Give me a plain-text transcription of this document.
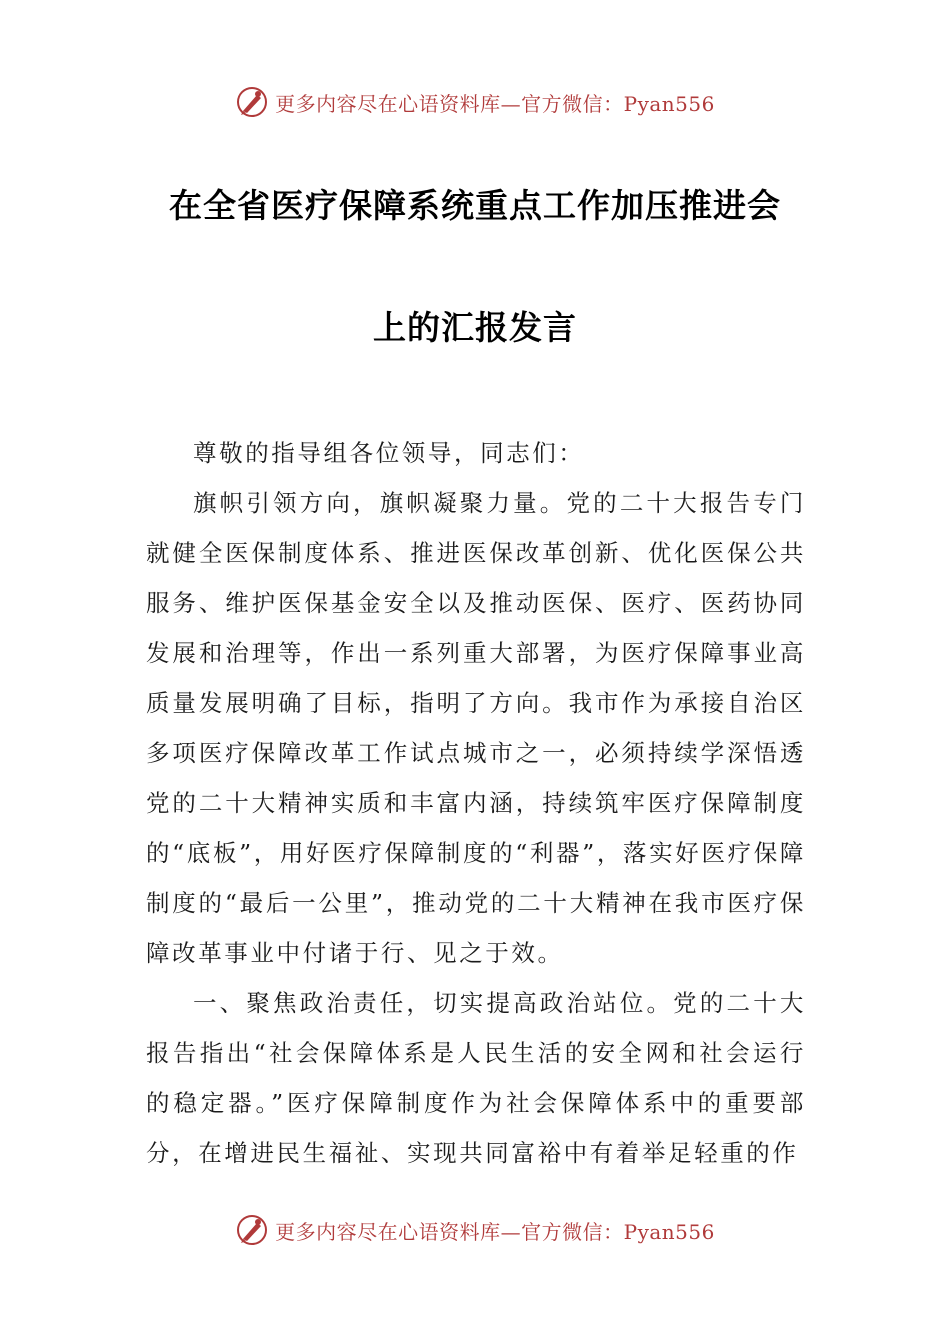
更多内容尽在心语资料库—官方微信：Pyan556
在全省医疗保障系统重点工作加压推进会
上的汇报发言

尊敬的指导组各位领导，同志们：

旗帜引领方向，旗帜凝聚力量。党的二十大报告专门就健全医保制度体系、推进医保改革创新、优化医保公共服务、维护医保基金安全以及推动医保、医疗、医药协同发展和治理等，作出一系列重大部署，为医疗保障事业高质量发展明确了目标，指明了方向。我市作为承接自治区多项医疗保障改革工作试点城市之一，必须持续学深悟透党的二十大精神实质和丰富内涵，持续筑牢医疗保障制度的“底板”，用好医疗保障制度的“利器”，落实好医疗保障制度的“最后一公里”，推动党的二十大精神在我市医疗保障改革事业中付诸于行、见之于效。

一、聚焦政治责任，切实提高政治站位。党的二十大报告指出“社会保障体系是人民生活的安全网和社会运行的稳定器。”医疗保障制度作为社会保障体系中的重要部分，在增进民生福祉、实现共同富裕中有着举足轻重的作

更多内容尽在心语资料库—官方微信：Pyan556
